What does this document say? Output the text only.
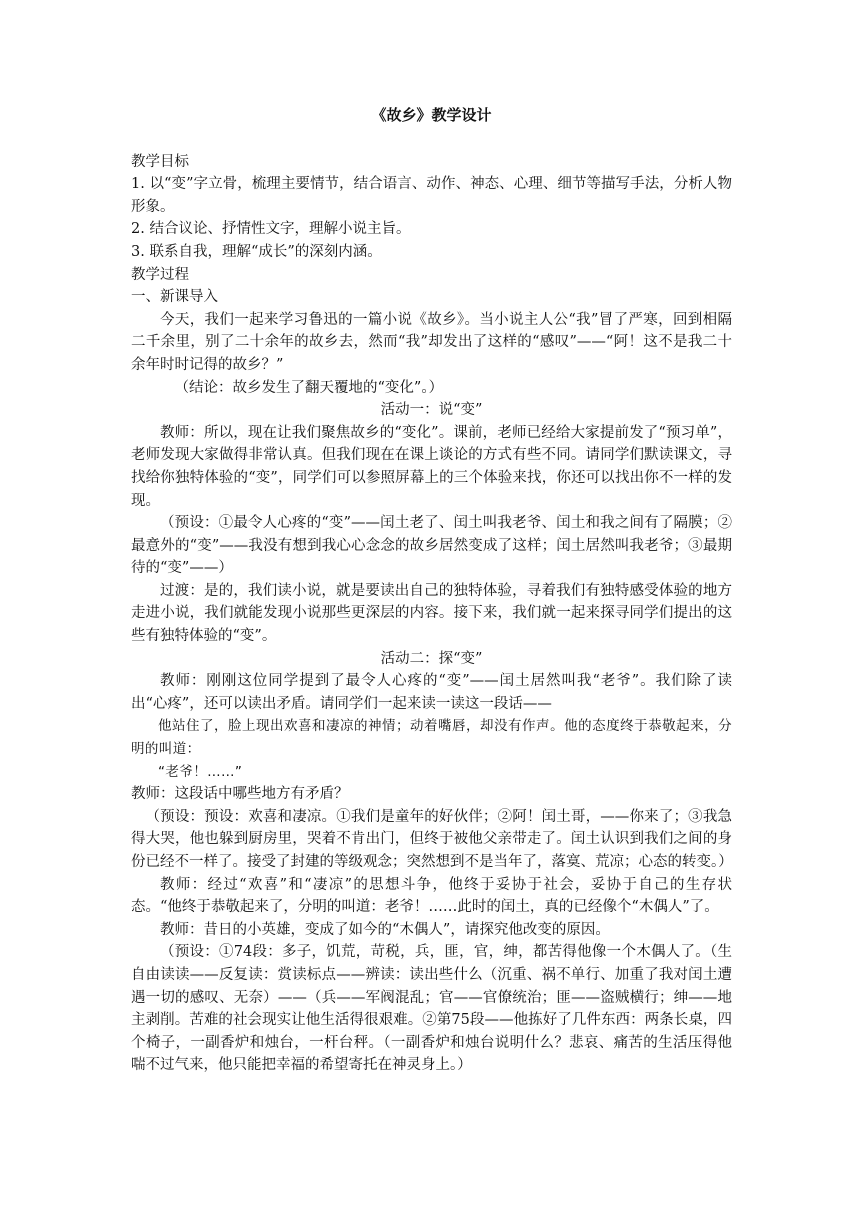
《故乡》教学设计

教学目标

1. 以“变”字立骨，梳理主要情节，结合语言、动作、神态、心理、细节等描写手法，分析人物形象。

2. 结合议论、抒情性文字，理解小说主旨。

3. 联系自我，理解“成长”的深刻内涵。

教学过程

一、新课导入

今天，我们一起来学习鲁迅的一篇小说《故乡》。当小说主人公“我”冒了严寒，回到相隔二千余里，别了二十余年的故乡去，然而“我”却发出了这样的“感叹”——“阿！这不是我二十余年时时记得的故乡？”

（结论：故乡发生了翻天覆地的“变化”。）

活动一：说“变”

教师：所以，现在让我们聚焦故乡的“变化”。课前，老师已经给大家提前发了“预习单”，老师发现大家做得非常认真。但我们现在在课上谈论的方式有些不同。请同学们默读课文，寻找给你独特体验的“变”，同学们可以参照屏幕上的三个体验来找，你还可以找出你不一样的发现。

（预设：①最令人心疼的“变”——闰土老了、闰土叫我老爷、闰土和我之间有了隔膜；②最意外的“变”——我没有想到我心心念念的故乡居然变成了这样；闰土居然叫我老爷；③最期待的“变”——）

过渡：是的，我们读小说，就是要读出自己的独特体验，寻着我们有独特感受体验的地方走进小说，我们就能发现小说那些更深层的内容。接下来，我们就一起来探寻同学们提出的这些有独特体验的“变”。

活动二：探“变”

教师：刚刚这位同学提到了最令人心疼的“变”——闰土居然叫我“老爷”。我们除了读出“心疼”，还可以读出矛盾。请同学们一起来读一读这一段话——

他站住了，脸上现出欢喜和凄凉的神情；动着嘴唇，却没有作声。他的态度终于恭敬起来，分明的叫道：

“老爷！……”

教师：这段话中哪些地方有矛盾？

（预设：预设：欢喜和凄凉。①我们是童年的好伙伴；②阿！闰土哥，——你来了；③我急得大哭，他也躲到厨房里，哭着不肯出门，但终于被他父亲带走了。闰土认识到我们之间的身份已经不一样了。接受了封建的等级观念；突然想到不是当年了，落寞、荒凉；心态的转变。）

教师：经过“欢喜”和“凄凉”的思想斗争，他终于妥协于社会，妥协于自己的生存状态。“他终于恭敬起来了，分明的叫道：老爷！……此时的闰土，真的已经像个“木偶人”了。

教师：昔日的小英雄，变成了如今的“木偶人”，请探究他改变的原因。

（预设：①74段：多子，饥荒，苛税，兵，匪，官，绅，都苦得他像一个木偶人了。（生自由读读——反复读：赏读标点——辨读：读出些什么（沉重、祸不单行、加重了我对闰土遭遇一切的感叹、无奈）——（兵——军阀混乱；官——官僚统治；匪——盗贼横行；绅——地主剥削。苦难的社会现实让他生活得很艰难。②第75段——他拣好了几件东西：两条长桌，四个椅子，一副香炉和烛台，一杆台秤。（一副香炉和烛台说明什么？悲哀、痛苦的生活压得他喘不过气来，他只能把幸福的希望寄托在神灵身上。）
